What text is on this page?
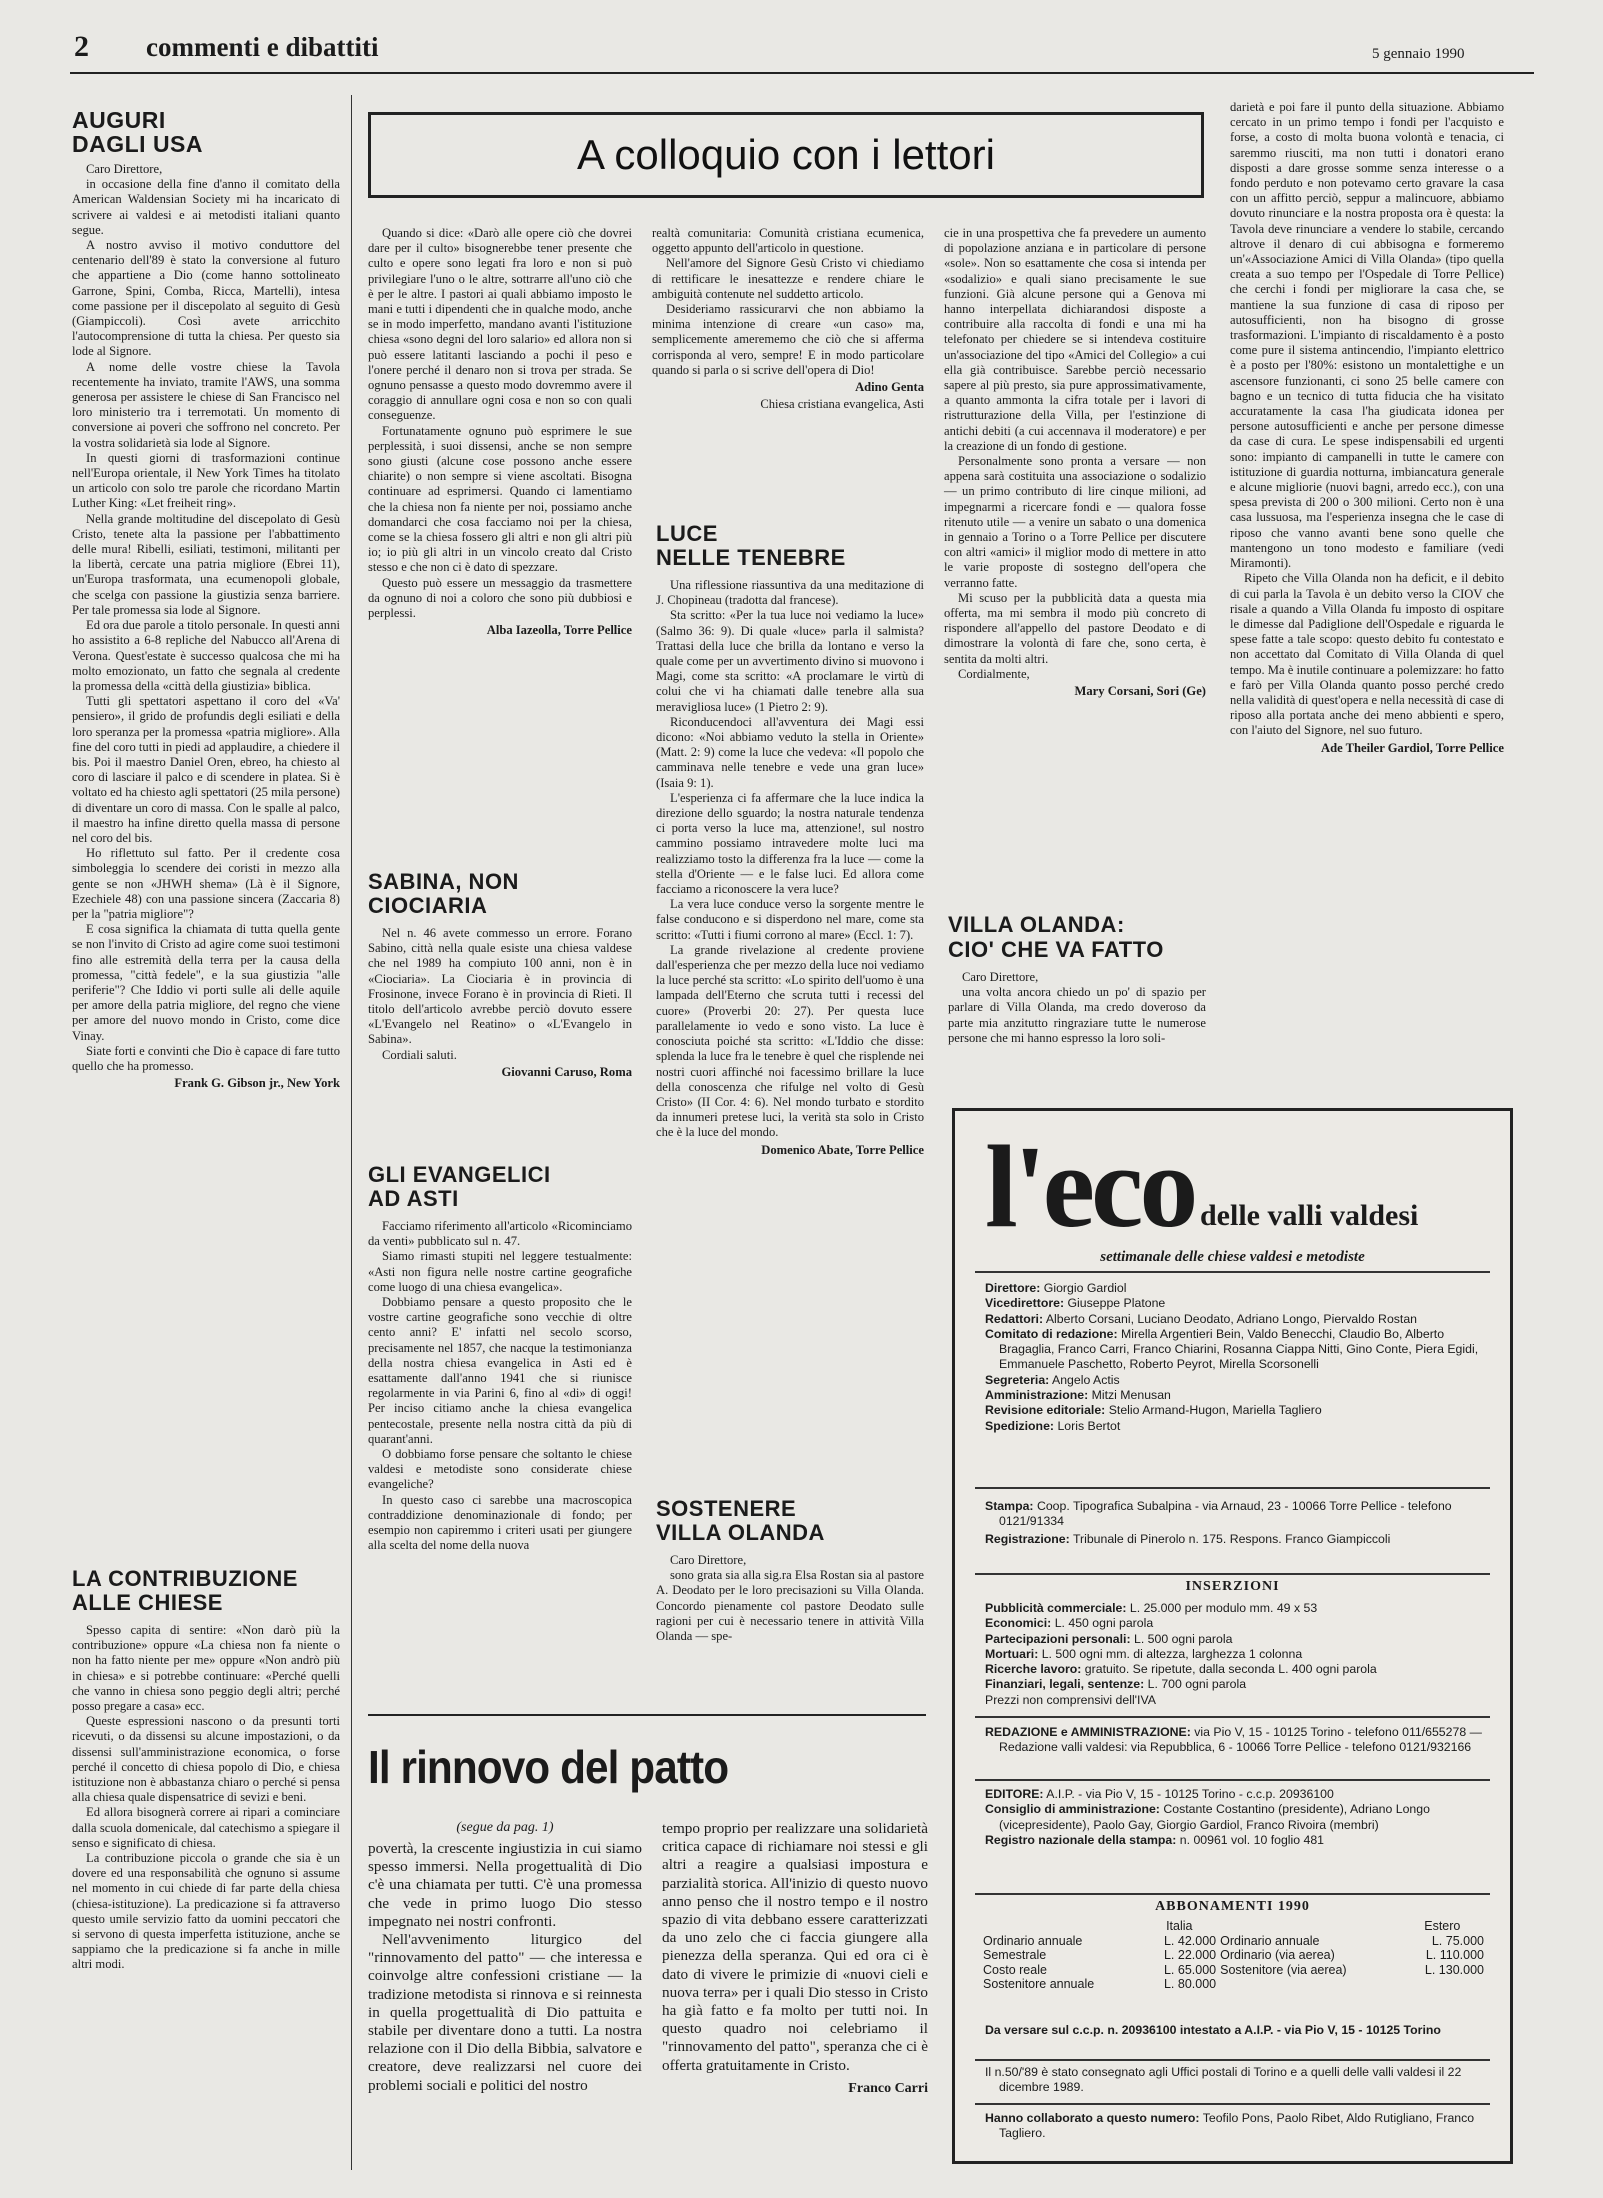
2 commenti e dibattiti	5 gennaio 1990
AUGURI
DAGLI USA

Caro Direttore,

in occasione della fine d'anno il comitato della American Waldensian Society mi ha incaricato di scrivere ai valdesi e ai metodisti italiani quanto segue.

A nostro avviso il motivo conduttore del centenario dell'89 è stato la conversione al futuro che appartiene a Dio (come hanno sottolineato Garrone, Spini, Comba, Ricca, Martelli), intesa come passione per il discepolato al seguito di Gesù (Giampiccoli). Così avete arricchito l'autocomprensione di tutta la chiesa. Per questo sia lode al Signore.

A nome delle vostre chiese la Tavola recentemente ha inviato, tramite l'AWS, una somma generosa per assistere le chiese di San Francisco nel loro ministerio tra i terremotati. Un momento di conversione ai poveri che soffrono nel concreto. Per la vostra solidarietà sia lode al Signore.

In questi giorni di trasformazioni continue nell'Europa orientale, il New York Times ha titolato un articolo con solo tre parole che ricordano Martin Luther King: «Let freiheit ring».

Nella grande moltitudine del discepolato di Gesù Cristo, tenete alta la passione per l'abbattimento delle mura! Ribelli, esiliati, testimoni, militanti per la libertà, cercate una patria migliore (Ebrei 11), un'Europa trasformata, una ecumenopoli globale, che scelga con passione la giustizia senza barriere. Per tale promessa sia lode al Signore.

Ed ora due parole a titolo personale. In questi anni ho assistito a 6-8 repliche del Nabucco all'Arena di Verona. Quest'estate è successo qualcosa che mi ha molto emozionato, un fatto che segnala al credente la promessa della «città della giustizia» biblica.

Tutti gli spettatori aspettano il coro del «Va' pensiero», il grido de profundis degli esiliati e della loro speranza per la promessa «patria migliore». Alla fine del coro tutti in piedi ad applaudire, a chiedere il bis. Poi il maestro Daniel Oren, ebreo, ha chiesto al coro di lasciare il palco e di scendere in platea. Si è voltato ed ha chiesto agli spettatori (25 mila persone) di diventare un coro di massa. Con le spalle al palco, il maestro ha infine diretto quella massa di persone nel coro del bis.

Ho riflettuto sul fatto. Per il credente cosa simboleggia lo scendere dei coristi in mezzo alla gente se non «JHWH shema» (Là è il Signore, Ezechiele 48) con una passione sincera (Zaccaria 8) per la "patria migliore"?

E cosa significa la chiamata di tutta quella gente se non l'invito di Cristo ad agire come suoi testimoni fino alle estremità della terra per la causa della promessa, "città fedele", e la sua giustizia "alle periferie"? Che Iddio vi porti sulle ali delle aquile per amore della patria migliore, del regno che viene per amore del nuovo mondo in Cristo, come dice Vinay.

Siate forti e convinti che Dio è capace di fare tutto quello che ha promesso.

Frank G. Gibson jr., New York
LA CONTRIBUZIONE
ALLE CHIESE

Spesso capita di sentire: «Non darò più la contribuzione» oppure «La chiesa non fa niente o non ha fatto niente per me» oppure «Non andrò più in chiesa» e si potrebbe continuare: «Perché quelli che vanno in chiesa sono peggio degli altri; perché posso pregare a casa» ecc.

Queste espressioni nascono o da presunti torti ricevuti, o da dissensi su alcune impostazioni, o da dissensi sull'amministrazione economica, o forse perché il concetto di chiesa popolo di Dio, e chiesa istituzione non è abbastanza chiaro o perché si pensa alla chiesa quale dispensatrice di sevizi e beni.

Ed allora bisognerà correre ai ripari a cominciare dalla scuola domenicale, dal catechismo a spiegare il senso e significato di chiesa.

La contribuzione piccola o grande che sia è un dovere ed una responsabilità che ognuno si assume nel momento in cui chiede di far parte della chiesa (chiesa-istituzione). La predicazione si fa attraverso questo umile servizio fatto da uomini peccatori che si servono di questa imperfetta istituzione, anche se sappiamo che la predicazione si fa anche in mille altri modi.

A colloquio con i lettori

Quando si dice: «Darò alle opere ciò che dovrei dare per il culto» bisognerebbe tener presente che culto e opere sono legati fra loro e non si può privilegiare l'uno o le altre, sottrarre all'uno ciò che è per le altre. I pastori ai quali abbiamo imposto le mani e tutti i dipendenti che in qualche modo, anche se in modo imperfetto, mandano avanti l'istituzione chiesa «sono degni del loro salario» ed allora non si può essere latitanti lasciando a pochi il peso e l'onere perché il denaro non si trova per strada. Se ognuno pensasse a questo modo dovremmo avere il coraggio di annullare ogni cosa e non so con quali conseguenze.

Fortunatamente ognuno può esprimere le sue perplessità, i suoi dissensi, anche se non sempre sono giusti (alcune cose possono anche essere chiarite) o non sempre si viene ascoltati. Bisogna continuare ad esprimersi. Quando ci lamentiamo che la chiesa non fa niente per noi, possiamo anche domandarci che cosa facciamo noi per la chiesa, come se la chiesa fossero gli altri e non gli altri più io; io più gli altri in un vincolo creato dal Cristo stesso e che non ci è dato di spezzare.

Questo può essere un messaggio da trasmettere da ognuno di noi a coloro che sono più dubbiosi e perplessi.

Alba Iazeolla, Torre Pellice
SABINA, NON
CIOCIARIA

Nel n. 46 avete commesso un errore. Forano Sabino, città nella quale esiste una chiesa valdese che nel 1989 ha compiuto 100 anni, non è in «Ciociaria». La Ciociaria è in provincia di Frosinone, invece Forano è in provincia di Rieti. Il titolo dell'articolo avrebbe perciò dovuto essere «L'Evangelo nel Reatino» o «L'Evangelo in Sabina».

Cordiali saluti.

Giovanni Caruso, Roma
GLI EVANGELICI
AD ASTI

Facciamo riferimento all'articolo «Ricominciamo da venti» pubblicato sul n. 47.

Siamo rimasti stupiti nel leggere testualmente: «Asti non figura nelle nostre cartine geografiche come luogo di una chiesa evangelica».

Dobbiamo pensare a questo proposito che le vostre cartine geografiche sono vecchie di oltre cento anni? E' infatti nel secolo scorso, precisamente nel 1857, che nacque la testimonianza della nostra chiesa evangelica in Asti ed è esattamente dall'anno 1941 che si riunisce regolarmente in via Parini 6, fino al «di» di oggi! Per inciso citiamo anche la chiesa evangelica pentecostale, presente nella nostra città da più di quarant'anni.

O dobbiamo forse pensare che soltanto le chiese valdesi e metodiste sono considerate chiese evangeliche?

In questo caso ci sarebbe una macroscopica contraddizione denominazionale di fondo; per esempio non capiremmo i criteri usati per giungere alla scelta del nome della nuova

realtà comunitaria: Comunità cristiana ecumenica, oggetto appunto dell'articolo in questione.

Nell'amore del Signore Gesù Cristo vi chiediamo di rettificare le inesattezze e rendere chiare le ambiguità contenute nel suddetto articolo.

Desideriamo rassicurarvi che non abbiamo la minima intenzione di creare «un caso» ma, semplicemente amerememo che ciò che si afferma corrisponda al vero, sempre! E in modo particolare quando si parla o si scrive dell'opera di Dio!

Adino Genta
Chiesa cristiana evangelica, Asti
LUCE
NELLE TENEBRE

Una riflessione riassuntiva da una meditazione di J. Chopineau (tradotta dal francese).

Sta scritto: «Per la tua luce noi vediamo la luce» (Salmo 36: 9). Di quale «luce» parla il salmista? Trattasi della luce che brilla da lontano e verso la quale come per un avvertimento divino si muovono i Magi, come sta scritto: «A proclamare le virtù di colui che vi ha chiamati dalle tenebre alla sua meravigliosa luce» (1 Pietro 2: 9).

Riconducendoci all'avventura dei Magi essi dicono: «Noi abbiamo veduto la stella in Oriente» (Matt. 2: 9) come la luce che vedeva: «Il popolo che camminava nelle tenebre e vede una gran luce» (Isaia 9: 1).

L'esperienza ci fa affermare che la luce indica la direzione dello sguardo; la nostra naturale tendenza ci porta verso la luce ma, attenzione!, sul nostro cammino possiamo intravedere molte luci ma realizziamo tosto la differenza fra la luce — come la stella d'Oriente — e le false luci. Ed allora come facciamo a riconoscere la vera luce?

La vera luce conduce verso la sorgente mentre le false conducono e si disperdono nel mare, come sta scritto: «Tutti i fiumi corrono al mare» (Eccl. 1: 7).

La grande rivelazione al credente proviene dall'esperienza che per mezzo della luce noi vediamo la luce perché sta scritto: «Lo spirito dell'uomo è una lampada dell'Eterno che scruta tutti i recessi del cuore» (Proverbi 20: 27). Per questa luce parallelamente io vedo e sono visto. La luce è conosciuta poiché sta scritto: «L'Iddio che disse: splenda la luce fra le tenebre è quel che risplende nei nostri cuori affinché noi facessimo brillare la luce della conoscenza che rifulge nel volto di Gesù Cristo» (II Cor. 4: 6). Nel mondo turbato e stordito da innumeri pretese luci, la verità sta solo in Cristo che è la luce del mondo.

Domenico Abate, Torre Pellice
SOSTENERE
VILLA OLANDA

Caro Direttore,

sono grata sia alla sig.ra Elsa Rostan sia al pastore A. Deodato per le loro precisazioni su Villa Olanda. Concordo pienamente col pastore Deodato sulle ragioni per cui è necessario tenere in attività Villa Olanda — spe-

cie in una prospettiva che fa prevedere un aumento di popolazione anziana e in particolare di persone «sole». Non so esattamente che cosa si intenda per «sodalizio» e quali siano precisamente le sue funzioni. Già alcune persone qui a Genova mi hanno interpellata dichiarandosi disposte a contribuire alla raccolta di fondi e una mi ha telefonato per chiedere se si intendeva costituire un'associazione del tipo «Amici del Collegio» a cui ella già contribuisce. Sarebbe perciò necessario sapere al più presto, sia pure approssimativamente, a quanto ammonta la cifra totale per i lavori di ristrutturazione della Villa, per l'estinzione di antichi debiti (a cui accennava il moderatore) e per la creazione di un fondo di gestione.

Personalmente sono pronta a versare — non appena sarà costituita una associazione o sodalizio — un primo contributo di lire cinque milioni, ad impegnarmi a ricercare fondi e — qualora fosse ritenuto utile — a venire un sabato o una domenica in gennaio a Torino o a Torre Pellice per discutere con altri «amici» il miglior modo di mettere in atto le varie proposte di sostegno dell'opera che verranno fatte.

Mi scuso per la pubblicità data a questa mia offerta, ma mi sembra il modo più concreto di rispondere all'appello del pastore Deodato e di dimostrare la volontà di fare che, sono certa, è sentita da molti altri.

Cordialmente,

Mary Corsani, Sori (Ge)
VILLA OLANDA:
CIO' CHE VA FATTO

Caro Direttore,

una volta ancora chiedo un po' di spazio per parlare di Villa Olanda, ma credo doveroso da parte mia anzitutto ringraziare tutte le numerose persone che mi hanno espresso la loro soli-

darietà e poi fare il punto della situazione. Abbiamo cercato in un primo tempo i fondi per l'acquisto e forse, a costo di molta buona volontà e tenacia, ci saremmo riusciti, ma non tutti i donatori erano disposti a dare grosse somme senza interesse o a fondo perduto e non potevamo certo gravare la casa con un affitto perciò, seppur a malincuore, abbiamo dovuto rinunciare e la nostra proposta ora è questa: la Tavola deve rinunciare a vendere lo stabile, cercando altrove il denaro di cui abbisogna e formeremo un'«Associazione Amici di Villa Olanda» (tipo quella creata a suo tempo per l'Ospedale di Torre Pellice) che cerchi i fondi per migliorare la casa che, se mantiene la sua funzione di casa di riposo per autosufficienti, non ha bisogno di grosse trasformazioni. L'impianto di riscaldamento è a posto come pure il sistema antincendio, l'impianto elettrico è a posto per l'80%: esistono un montalettighe e un ascensore funzionanti, ci sono 25 belle camere con bagno e un tecnico di tutta fiducia che ha visitato accuratamente la casa l'ha giudicata idonea per persone autosufficienti e anche per persone dimesse da case di cura. Le spese indispensabili ed urgenti sono: impianto di campanelli in tutte le camere con istituzione di guardia notturna, imbiancatura generale e alcune migliorie (nuovi bagni, arredo ecc.), con una spesa prevista di 200 o 300 milioni. Certo non è una casa lussuosa, ma l'esperienza insegna che le case di riposo che vanno avanti bene sono quelle che mantengono un tono modesto e familiare (vedi Miramonti).

Ripeto che Villa Olanda non ha deficit, e il debito di cui parla la Tavola è un debito verso la CIOV che risale a quando a Villa Olanda fu imposto di ospitare le dimesse dal Padiglione dell'Ospedale e riguarda le spese fatte a tale scopo: questo debito fu contestato e non accettato dal Comitato di Villa Olanda di quel tempo. Ma è inutile continuare a polemizzare: ho fatto e farò per Villa Olanda quanto posso perché credo nella validità di quest'opera e nella necessità di case di riposo alla portata anche dei meno abbienti e spero, con l'aiuto del Signore, nel suo futuro.

Ade Theiler Gardiol, Torre Pellice
Il rinnovo del patto
(segue da pag. 1)

povertà, la crescente ingiustizia in cui siamo spesso immersi. Nella progettualità di Dio c'è una chiamata per tutti. C'è una promessa che vede in primo luogo Dio stesso impegnato nei nostri confronti.

Nell'avvenimento liturgico del "rinnovamento del patto" — che interessa e coinvolge altre confessioni cristiane — la tradizione metodista si rinnova e si reinnesta in quella progettualità di Dio pattuita e stabile per diventare dono a tutti. La nostra relazione con il Dio della Bibbia, salvatore e creatore, deve realizzarsi nel cuore dei problemi sociali e politici del nostro

tempo proprio per realizzare una solidarietà critica capace di richiamare noi stessi e gli altri a reagire a qualsiasi imposturа e parzialità storica. All'inizio di questo nuovo anno penso che il nostro tempo e il nostro spazio di vita debbano essere caratterizzati da uno zelo che ci faccia giungere alla pienezza della speranza. Qui ed ora ci è dato di vivere le primizie di «nuovi cieli e nuova terra» per i quali Dio stesso in Cristo ha già fatto e fa molto per tutti noi. In questo quadro noi celebriamo il "rinnovamento del patto", speranza che ci è offerta gratuitamente in Cristo.

Franco Carri
l'eco delle valli valdesi
settimanale delle chiese valdesi e metodiste

Direttore: Giorgio Gardiol

Vicedirettore: Giuseppe Platone

Redattori: Alberto Corsani, Luciano Deodato, Adriano Longo, Piervaldo Rostan

Comitato di redazione: Mirella Argentieri Bein, Valdo Benecchi, Claudio Bo, Alberto Bragaglia, Franco Carri, Franco Chiarini, Rosanna Ciappa Nitti, Gino Conte, Piera Egidi, Emmanuele Paschetto, Roberto Peyrot, Mirella Scorsonelli

Segreteria: Angelo Actis

Amministrazione: Mitzi Menusan

Revisione editoriale: Stelio Armand-Hugon, Mariella Tagliero

Spedizione: Loris Bertot

Stampa: Coop. Tipografica Subalpina - via Arnaud, 23 - 10066 Torre Pellice - telefono 0121/91334

Registrazione: Tribunale di Pinerolo n. 175. Respons. Franco Giampiccoli

INSERZIONI

Pubblicità commerciale: L. 25.000 per modulo mm. 49 x 53

Economici: L. 450 ogni parola

Partecipazioni personali: L. 500 ogni parola

Mortuari: L. 500 ogni mm. di altezza, larghezza 1 colonna

Ricerche lavoro: gratuito. Se ripetute, dalla seconda L. 400 ogni parola

Finanziari, legali, sentenze: L. 700 ogni parola

Prezzi non comprensivi dell'IVA

REDAZIONE e AMMINISTRAZIONE: via Pio V, 15 - 10125 Torino - telefono 011/655278 — Redazione valli valdesi: via Repubblica, 6 - 10066 Torre Pellice - telefono 0121/932166

EDITORE: A.I.P. - via Pio V, 15 - 10125 Torino - c.c.p. 20936100

Consiglio di amministrazione: Costante Costantino (presidente), Adriano Longo (vicepresidente), Paolo Gay, Giorgio Gardiol, Franco Rivoira (membri)

Registro nazionale della stampa: n. 00961 vol. 10 foglio 481

ABBONAMENTI 1990
	Italia		Estero
Ordinario annuale	L. 42.000	Ordinario annuale	L. 75.000
Semestrale	L. 22.000	Ordinario (via aerea)	L. 110.000
Costo reale	L. 65.000	Sostenitore (via aerea)	L. 130.000
Sostenitore annuale	L. 80.000		

Da versare sul c.c.p. n. 20936100 intestato a A.I.P. - via Pio V, 15 - 10125 Torino

Il n.50/'89 è stato consegnato agli Uffici postali di Torino e a quelli delle valli valdesi il 22 dicembre 1989.

Hanno collaborato a questo numero: Teofilo Pons, Paolo Ribet, Aldo Rutigliano, Franco Tagliero.
